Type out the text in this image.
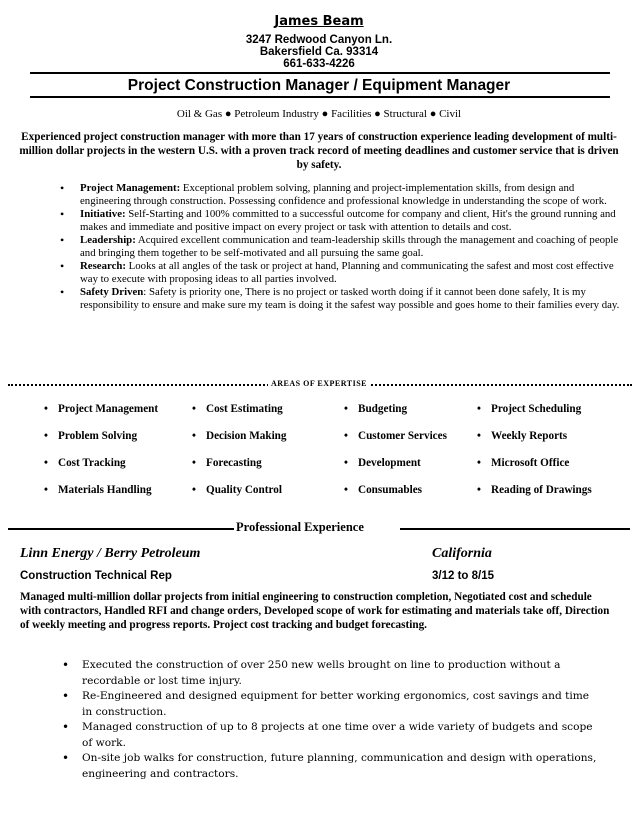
James Beam
3247 Redwood Canyon Ln.
Bakersfield Ca. 93314
661-633-4226
Project Construction Manager / Equipment Manager
Oil & Gas ● Petroleum Industry ● Facilities ● Structural ● Civil
Experienced project construction manager with more than 17 years of construction experience leading development of multi-million dollar projects in the western U.S. with a proven track record of meeting deadlines and customer service that is driven by safety.
• Project Management: Exceptional problem solving, planning and project-implementation skills, from design and engineering through construction. Possessing confidence and professional knowledge in understanding the scope of work.
• Initiative: Self-Starting and 100% committed to a successful outcome for company and client, Hit's the ground running and makes and immediate and positive impact on every project or task with attention to details and cost.
• Leadership: Acquired excellent communication and team-leadership skills through the management and coaching of people and bringing them together to be self-motivated and all pursuing the same goal.
• Research: Looks at all angles of the task or project at hand, Planning and communicating the safest and most cost effective way to execute with proposing ideas to all parties involved.
• Safety Driven: Safety is priority one, There is no project or tasked worth doing if it cannot been done safely, It is my responsibility to ensure and make sure my team is doing it the safest way possible and goes home to their families every day.
AREAS OF EXPERTISE
• Project Management
• Problem Solving
• Cost Tracking
• Materials Handling
• Cost Estimating
• Decision Making
• Forecasting
• Quality Control
• Budgeting
• Customer Services
• Development
• Consumables
• Project Scheduling
• Weekly Reports
• Microsoft Office
• Reading of Drawings
Professional Experience
Linn Energy / Berry Petroleum	California
Construction Technical Rep	3/12 to 8/15
Managed multi-million dollar projects from initial engineering to construction completion, Negotiated cost and schedule with contractors, Handled RFI and change orders, Developed scope of work for estimating and materials take off, Direction of weekly meeting and progress reports. Project cost tracking and budget forecasting.
• Executed the construction of over 250 new wells brought on line to production without a recordable or lost time injury.
• Re-Engineered and designed equipment for better working ergonomics, cost savings and time in construction.
• Managed construction of up to 8 projects at one time over a wide variety of budgets and scope of work.
• On-site job walks for construction, future planning, communication and design with operations, engineering and contractors.
